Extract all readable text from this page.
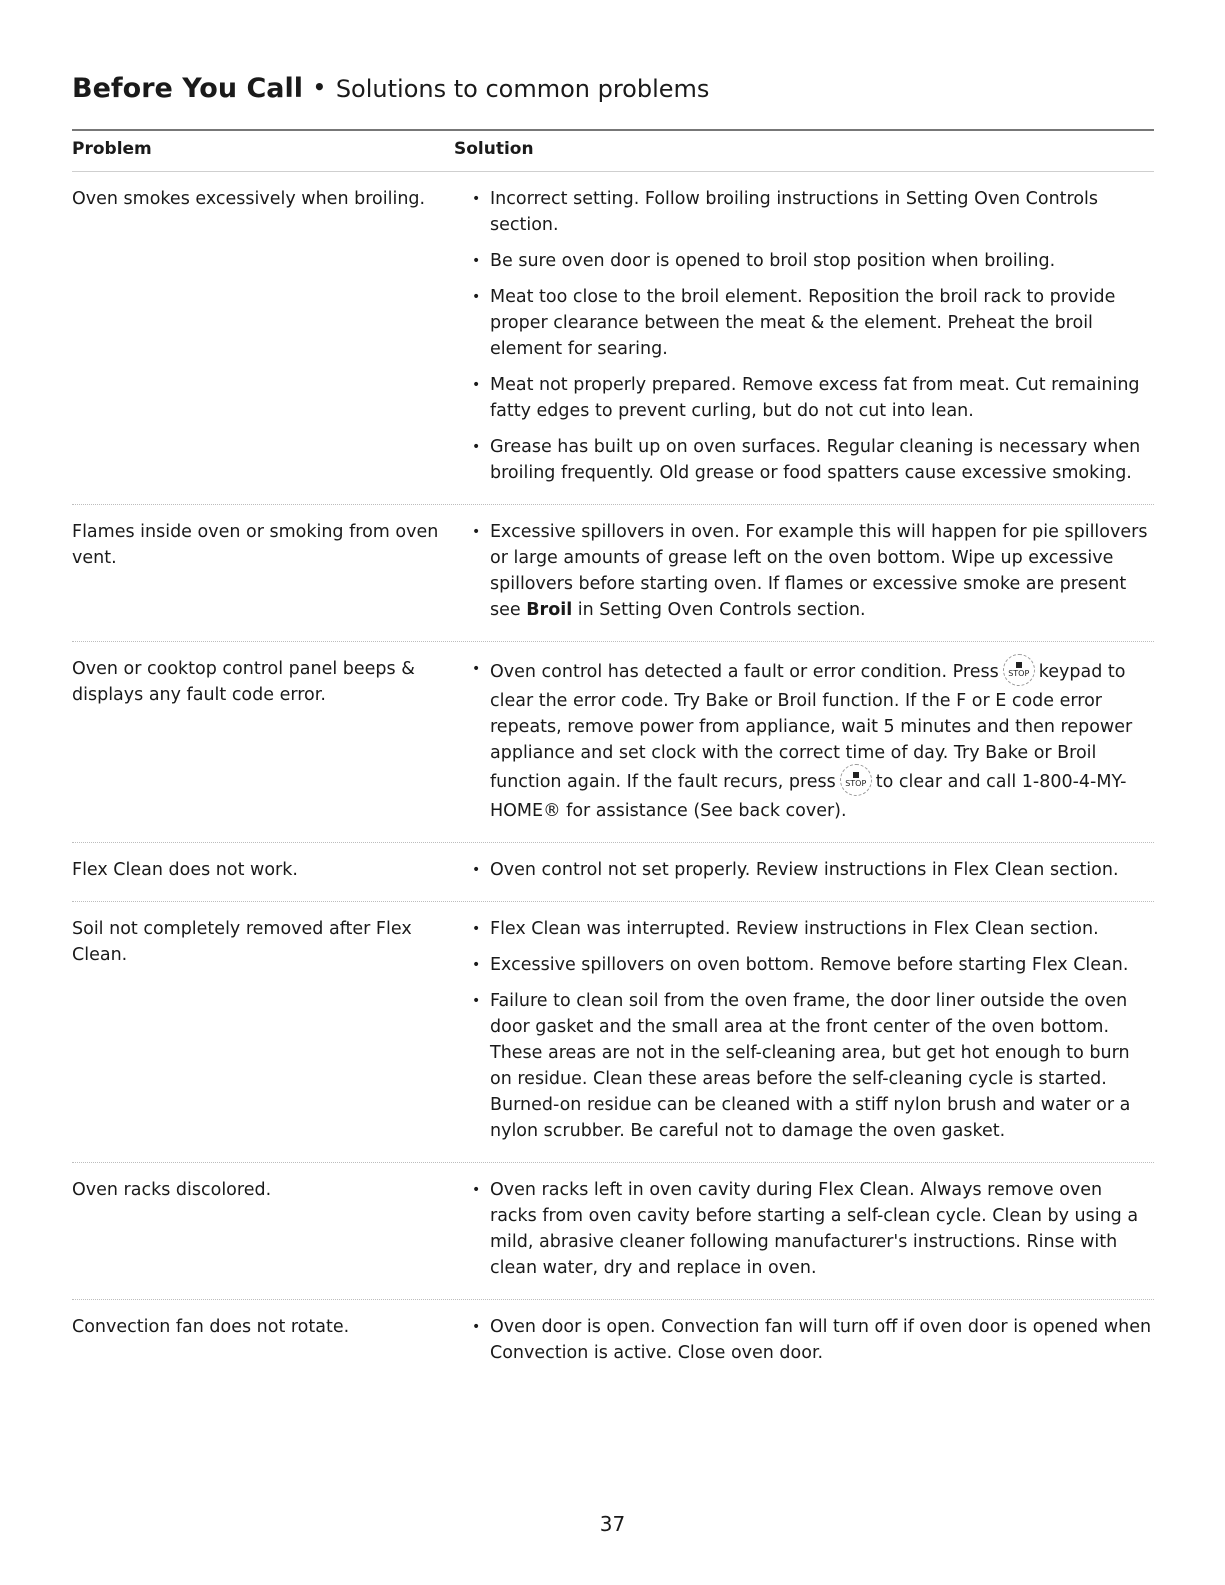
Before You Call • Solutions to common problems
Problem	Solution
Oven smokes excessively when broiling.	• Incorrect setting. Follow broiling instructions in Setting Oven Controls section.
• Be sure oven door is opened to broil stop position when broiling.
• Meat too close to the broil element. Reposition the broil rack to provide proper clearance between the meat & the element. Preheat the broil element for searing.
• Meat not properly prepared. Remove excess fat from meat. Cut remaining fatty edges to prevent curling, but do not cut into lean.
• Grease has built up on oven surfaces. Regular cleaning is necessary when broiling frequently. Old grease or food spatters cause excessive smoking.
Flames inside oven or smoking from oven vent.
• Excessive spillovers in oven. For example this will happen for pie spillovers or large amounts of grease left on the oven bottom. Wipe up excessive spillovers before starting oven. If flames or excessive smoke are present see Broil in Setting Oven Controls section.
Oven or cooktop control panel beeps & displays any fault code error.
• Oven control has detected a fault or error condition. Press STOP keypad to clear the error code. Try Bake or Broil function. If the F or E code error repeats, remove power from appliance, wait 5 minutes and then repower appliance and set clock with the correct time of day. Try Bake or Broil function again. If the fault recurs, press STOP to clear and call 1-800-4-MY-HOME® for assistance (See back cover).
Flex Clean does not work.	• Oven control not set properly. Review instructions in Flex Clean section.
Soil not completely removed after Flex Clean.
• Flex Clean was interrupted. Review instructions in Flex Clean section.
• Excessive spillovers on oven bottom. Remove before starting Flex Clean.
• Failure to clean soil from the oven frame, the door liner outside the oven door gasket and the small area at the front center of the oven bottom. These areas are not in the self-cleaning area, but get hot enough to burn on residue. Clean these areas before the self-cleaning cycle is started. Burned-on residue can be cleaned with a stiff nylon brush and water or a nylon scrubber. Be careful not to damage the oven gasket.
Oven racks discolored.	• Oven racks left in oven cavity during Flex Clean. Always remove oven racks from oven cavity before starting a self-clean cycle. Clean by using a mild, abrasive cleaner following manufacturer's instructions. Rinse with clean water, dry and replace in oven.
Convection fan does not rotate.	• Oven door is open. Convection fan will turn off if oven door is opened when Convection is active. Close oven door.
37
